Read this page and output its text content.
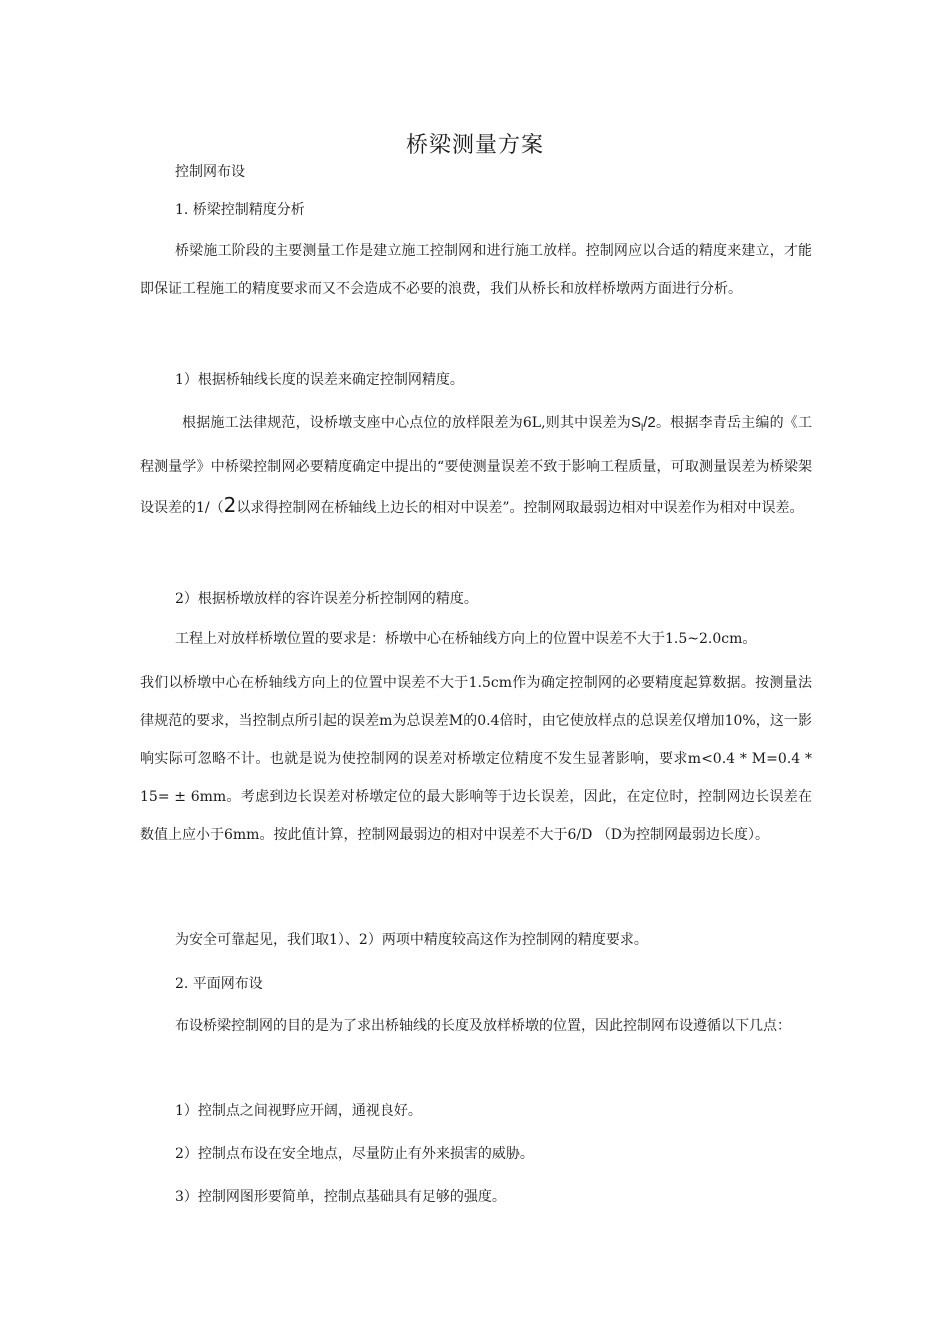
桥梁测量方案
控制网布设
1. 桥梁控制精度分析
桥梁施工阶段的主要测量工作是建立施工控制网和进行施工放样。控制网应以合适的精度来建立，才能即保证工程施工的精度要求而又不会造成不必要的浪费，我们从桥长和放样桥墩两方面进行分析。
1）根据桥轴线长度的误差来确定控制网精度。
根据施工法律规范，设桥墩支座中心点位的放样限差为6L,则其中误差为$S_l/2$。根据李青岳主编的《工程测量学》中桥梁控制网必要精度确定中提出的“要使测量误差不致于影响工程质量，可取测量误差为桥梁架设误差的1/（2以求得控制网在桥轴线上边长的相对中误差”。控制网取最弱边相对中误差作为相对中误差。
2）根据桥墩放样的容许误差分析控制网的精度。
工程上对放样桥墩位置的要求是：桥墩中心在桥轴线方向上的位置中误差不大于1.5~2.0cm。
我们以桥墩中心在桥轴线方向上的位置中误差不大于1.5cm作为确定控制网的必要精度起算数据。按测量法律规范的要求，当控制点所引起的误差m为总误差M的0.4倍时，由它使放样点的总误差仅增加10%，这一影响实际可忽略不计。也就是说为使控制网的误差对桥墩定位精度不发生显著影响，要求m<0.4 * M=0.4 * 15= ± 6mm。考虑到边长误差对桥墩定位的最大影响等于边长误差，因此，在定位时，控制网边长误差在数值上应小于6mm。按此值计算，控制网最弱边的相对中误差不大于6/D （D为控制网最弱边长度）。
为安全可靠起见，我们取1）、2）两项中精度较高这作为控制网的精度要求。
2. 平面网布设
布设桥梁控制网的目的是为了求出桥轴线的长度及放样桥墩的位置，因此控制网布设遵循以下几点：
1）控制点之间视野应开阔，通视良好。
2）控制点布设在安全地点，尽量防止有外来损害的威胁。
3）控制网图形要简单，控制点基础具有足够的强度。
